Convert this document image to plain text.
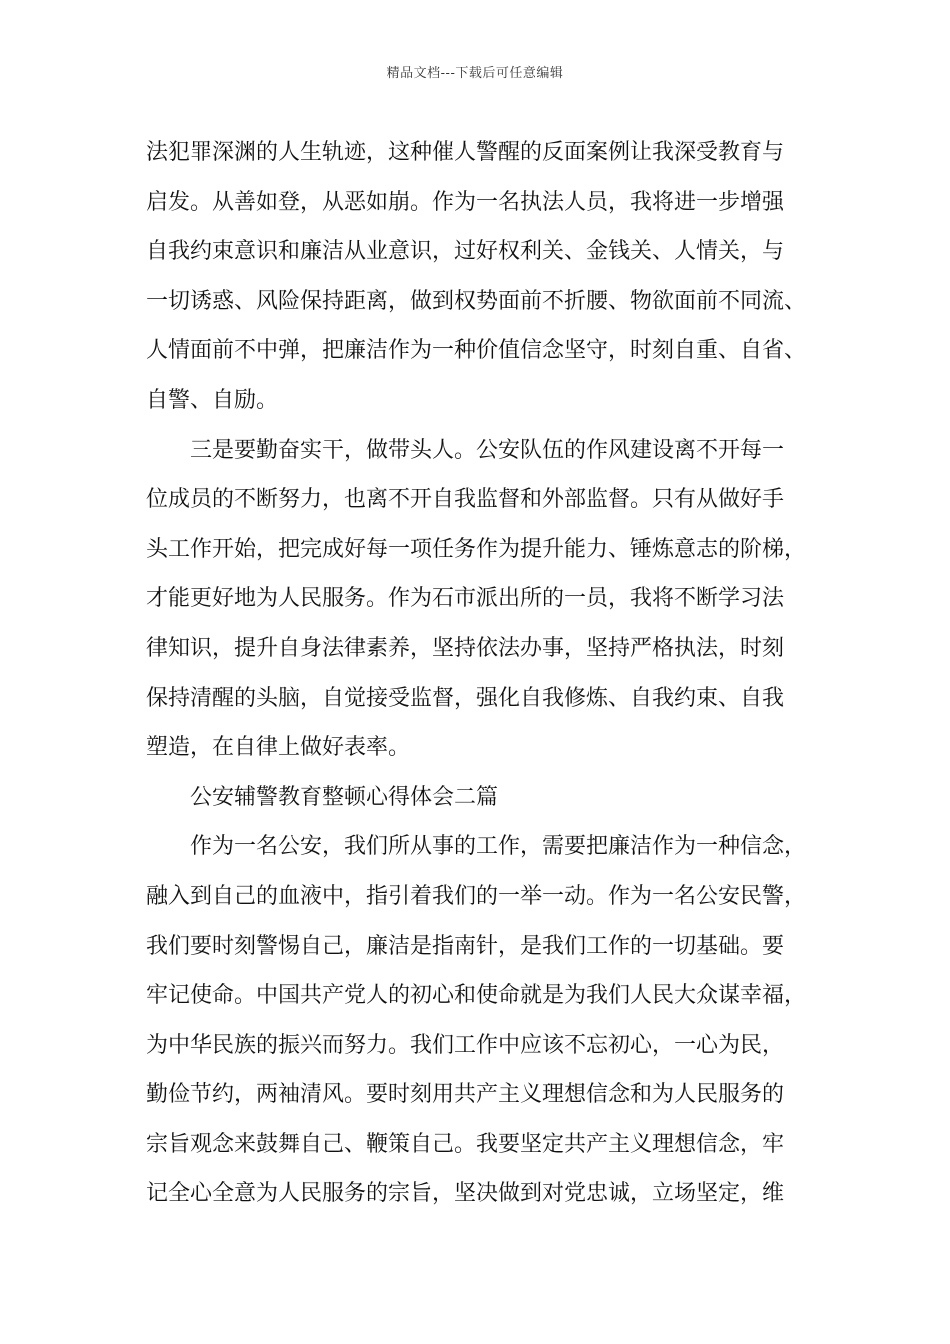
精品文档---下载后可任意编辑
法犯罪深渊的人生轨迹，这种催人警醒的反面案例让我深受教育与
启发。从善如登，从恶如崩。作为一名执法人员，我将进一步增强
自我约束意识和廉洁从业意识，过好权利关、金钱关、人情关，与
一切诱惑、风险保持距离，做到权势面前不折腰、物欲面前不同流、
人情面前不中弹，把廉洁作为一种价值信念坚守，时刻自重、自省、
自警、自励。
三是要勤奋实干，做带头人。公安队伍的作风建设离不开每一
位成员的不断努力，也离不开自我监督和外部监督。只有从做好手
头工作开始，把完成好每一项任务作为提升能力、锤炼意志的阶梯，
才能更好地为人民服务。作为石市派出所的一员，我将不断学习法
律知识，提升自身法律素养，坚持依法办事，坚持严格执法，时刻
保持清醒的头脑，自觉接受监督，强化自我修炼、自我约束、自我
塑造，在自律上做好表率。
公安辅警教育整顿心得体会二篇
作为一名公安，我们所从事的工作，需要把廉洁作为一种信念，
融入到自己的血液中，指引着我们的一举一动。作为一名公安民警，
我们要时刻警惕自己，廉洁是指南针，是我们工作的一切基础。要
牢记使命。中国共产党人的初心和使命就是为我们人民大众谋幸福，
为中华民族的振兴而努力。我们工作中应该不忘初心，一心为民，
勤俭节约，两袖清风。要时刻用共产主义理想信念和为人民服务的
宗旨观念来鼓舞自己、鞭策自己。我要坚定共产主义理想信念，牢
记全心全意为人民服务的宗旨，坚决做到对党忠诚，立场坚定，维
